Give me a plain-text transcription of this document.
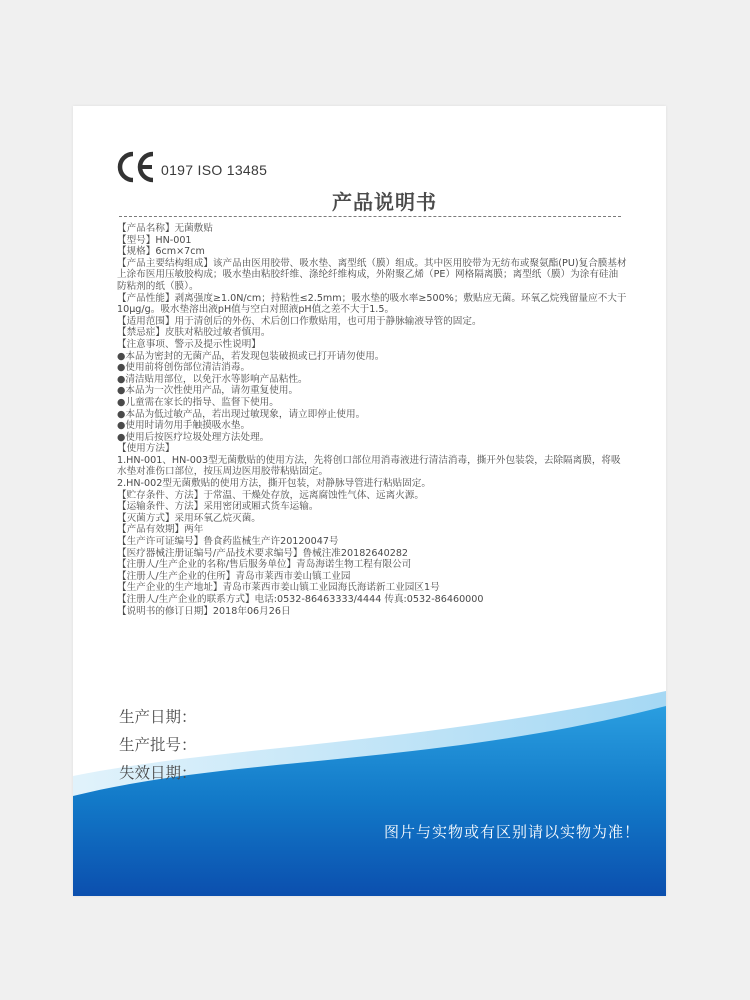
0197 ISO 13485
产品说明书
【产品名称】无菌敷贴
【型号】HN-001
【规格】6cm×7cm
【产品主要结构组成】该产品由医用胶带、吸水垫、离型纸（膜）组成。其中医用胶带为无纺布或聚氨酯(PU)复合膜基材上涂布医用压敏胶构成；吸水垫由粘胶纤维、涤纶纤维构成，外附聚乙烯（PE）网格隔离膜；离型纸（膜）为涂有硅油防粘剂的纸（膜）。
【产品性能】剥离强度≥1.0N/cm；持粘性≤2.5mm；吸水垫的吸水率≥500%；敷贴应无菌。环氧乙烷残留量应不大于10μg/g。吸水垫溶出液pH值与空白对照液pH值之差不大于1.5。
【适用范围】用于清创后的外伤、术后创口作敷贴用，也可用于静脉输液导管的固定。
【禁忌症】皮肤对粘胶过敏者慎用。
【注意事项、警示及提示性说明】
●本品为密封的无菌产品，若发现包装破损或已打开请勿使用。
●使用前将创伤部位清洁消毒。
●清洁贴用部位，以免汗水等影响产品粘性。
●本品为一次性使用产品，请勿重复使用。
●儿童需在家长的指导、监督下使用。
●本品为低过敏产品，若出现过敏现象，请立即停止使用。
●使用时请勿用手触摸吸水垫。
●使用后按医疗垃圾处理方法处理。
【使用方法】
1.HN-001、HN-003型无菌敷贴的使用方法，先将创口部位用消毒液进行清洁消毒，撕开外包装袋，去除隔离膜，将吸水垫对准伤口部位，按压周边医用胶带粘贴固定。
2.HN-002型无菌敷贴的使用方法，撕开包装，对静脉导管进行粘贴固定。
【贮存条件、方法】于常温、干燥处存放，远离腐蚀性气体、远离火源。
【运输条件、方法】采用密闭或厢式货车运输。
【灭菌方式】采用环氧乙烷灭菌。
【产品有效期】两年
【生产许可证编号】鲁食药监械生产许20120047号
【医疗器械注册证编号/产品技术要求编号】鲁械注准20182640282
【注册人/生产企业的名称/售后服务单位】青岛海诺生物工程有限公司
【注册人/生产企业的住所】青岛市莱西市姜山镇工业园
【生产企业的生产地址】青岛市莱西市姜山镇工业园海氏海诺新工业园区1号
【注册人/生产企业的联系方式】电话:0532-86463333/4444 传真:0532-86460000
【说明书的修订日期】2018年06月26日
生产日期：
生产批号：
失效日期：
图片与实物或有区别请以实物为准！
